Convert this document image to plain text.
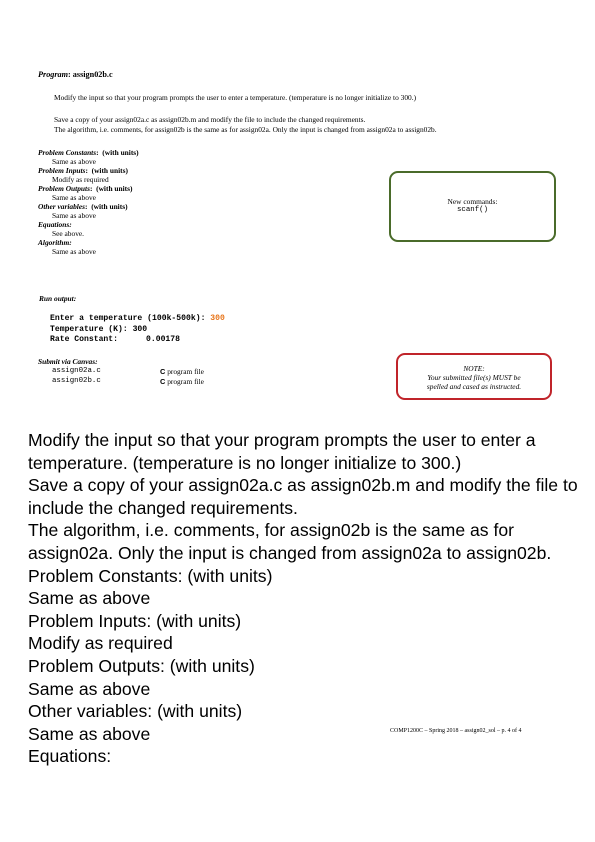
Program: assign02b.c
Modify the input so that your program prompts the user to enter a temperature. (temperature is no longer initialize to 300.)
Save a copy of your assign02a.c as assign02b.m and modify the file to include the changed requirements.
The algorithm, i.e. comments, for assign02b is the same as for assign02a. Only the input is changed from assign02a to assign02b.
Problem Constants: (with units)
Same as above
Problem Inputs: (with units)
Modify as required
Problem Outputs: (with units)
Same as above
Other variables: (with units)
Same as above
Equations:
See above.
Algorithm:
Same as above
New commands:
scanf()
Run output:
Enter a temperature (100k-500k): 300
Temperature (K): 300
Rate Constant:	0.00178
Submit via Canvas:
assign02a.c	C program file
assign02b.c	C program file
NOTE:
Your submitted file(s) MUST be
spelled and cased as instructed.
Modify the input so that your program prompts the user to enter a
temperature. (temperature is no longer initialize to 300.)
Save a copy of your assign02a.c as assign02b.m and modify the file to
include the changed requirements.
The algorithm, i.e. comments, for assign02b is the same as for
assign02a. Only the input is changed from assign02a to assign02b.
Problem Constants: (with units)
Same as above
Problem Inputs: (with units)
Modify as required
Problem Outputs: (with units)
Same as above
Other variables: (with units)
Same as above
Equations:
COMP1200C – Spring 2018 – assign02_sol – p. 4 of 4
